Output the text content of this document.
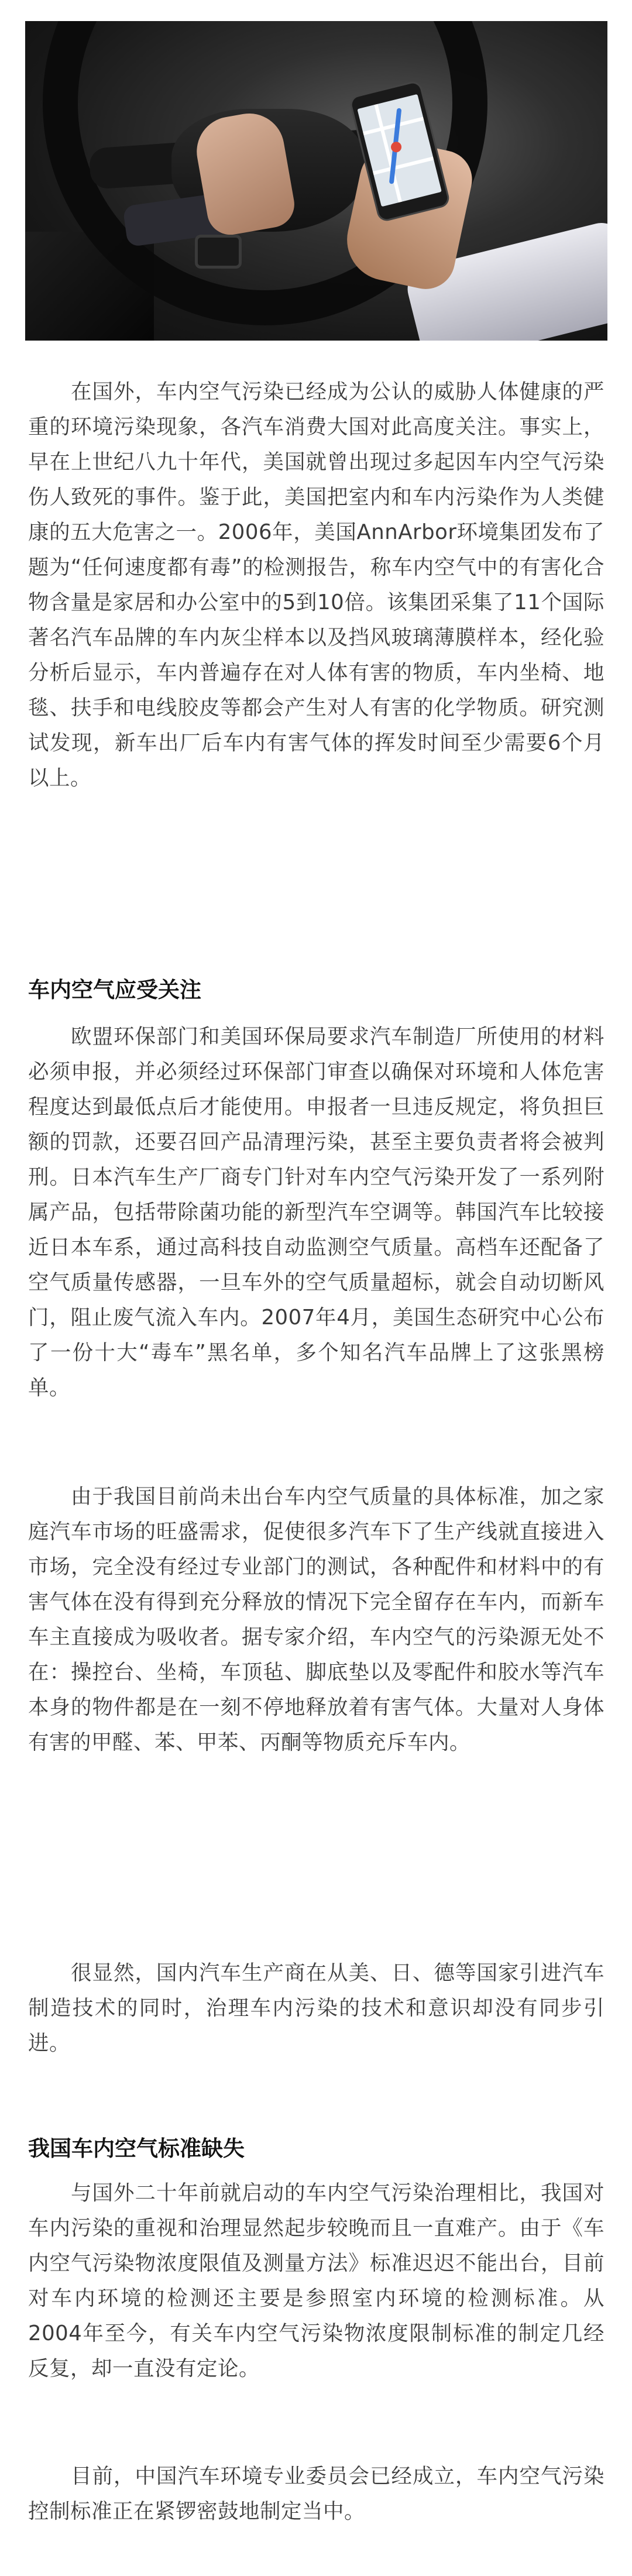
　　在国外，车内空气污染已经成为公认的威胁人体健康的严重的环境污染现象，各汽车消费大国对此高度关注。事实上，早在上世纪八九十年代，美国就曾出现过多起因车内空气污染伤人致死的事件。鉴于此，美国把室内和车内污染作为人类健康的五大危害之一。2006年，美国AnnArbor环境集团发布了题为“任何速度都有毒”的检测报告，称车内空气中的有害化合物含量是家居和办公室中的5到10倍。该集团采集了11个国际著名汽车品牌的车内灰尘样本以及挡风玻璃薄膜样本，经化验分析后显示，车内普遍存在对人体有害的物质，车内坐椅、地毯、扶手和电线胶皮等都会产生对人有害的化学物质。研究测试发现，新车出厂后车内有害气体的挥发时间至少需要6个月以上。

车内空气应受关注

　　欧盟环保部门和美国环保局要求汽车制造厂所使用的材料必须申报，并必须经过环保部门审查以确保对环境和人体危害程度达到最低点后才能使用。申报者一旦违反规定，将负担巨额的罚款，还要召回产品清理污染，甚至主要负责者将会被判刑。日本汽车生产厂商专门针对车内空气污染开发了一系列附属产品，包括带除菌功能的新型汽车空调等。韩国汽车比较接近日本车系，通过高科技自动监测空气质量。高档车还配备了空气质量传感器，一旦车外的空气质量超标，就会自动切断风门，阻止废气流入车内。2007年4月，美国生态研究中心公布了一份十大“毒车”黑名单，多个知名汽车品牌上了这张黑榜单。

　　由于我国目前尚未出台车内空气质量的具体标准，加之家庭汽车市场的旺盛需求，促使很多汽车下了生产线就直接进入市场，完全没有经过专业部门的测试，各种配件和材料中的有害气体在没有得到充分释放的情况下完全留存在车内，而新车车主直接成为吸收者。据专家介绍，车内空气的污染源无处不在：操控台、坐椅，车顶毡、脚底垫以及零配件和胶水等汽车本身的物件都是在一刻不停地释放着有害气体。大量对人身体有害的甲醛、苯、甲苯、丙酮等物质充斥车内。

　　很显然，国内汽车生产商在从美、日、德等国家引进汽车制造技术的同时，治理车内污染的技术和意识却没有同步引进。

我国车内空气标准缺失

　　与国外二十年前就启动的车内空气污染治理相比，我国对车内污染的重视和治理显然起步较晚而且一直难产。由于《车内空气污染物浓度限值及测量方法》标准迟迟不能出台，目前对车内环境的检测还主要是参照室内环境的检测标准。从2004年至今，有关车内空气污染物浓度限制标准的制定几经反复，却一直没有定论。

　　目前，中国汽车环境专业委员会已经成立，车内空气污染控制标准正在紧锣密鼓地制定当中。
